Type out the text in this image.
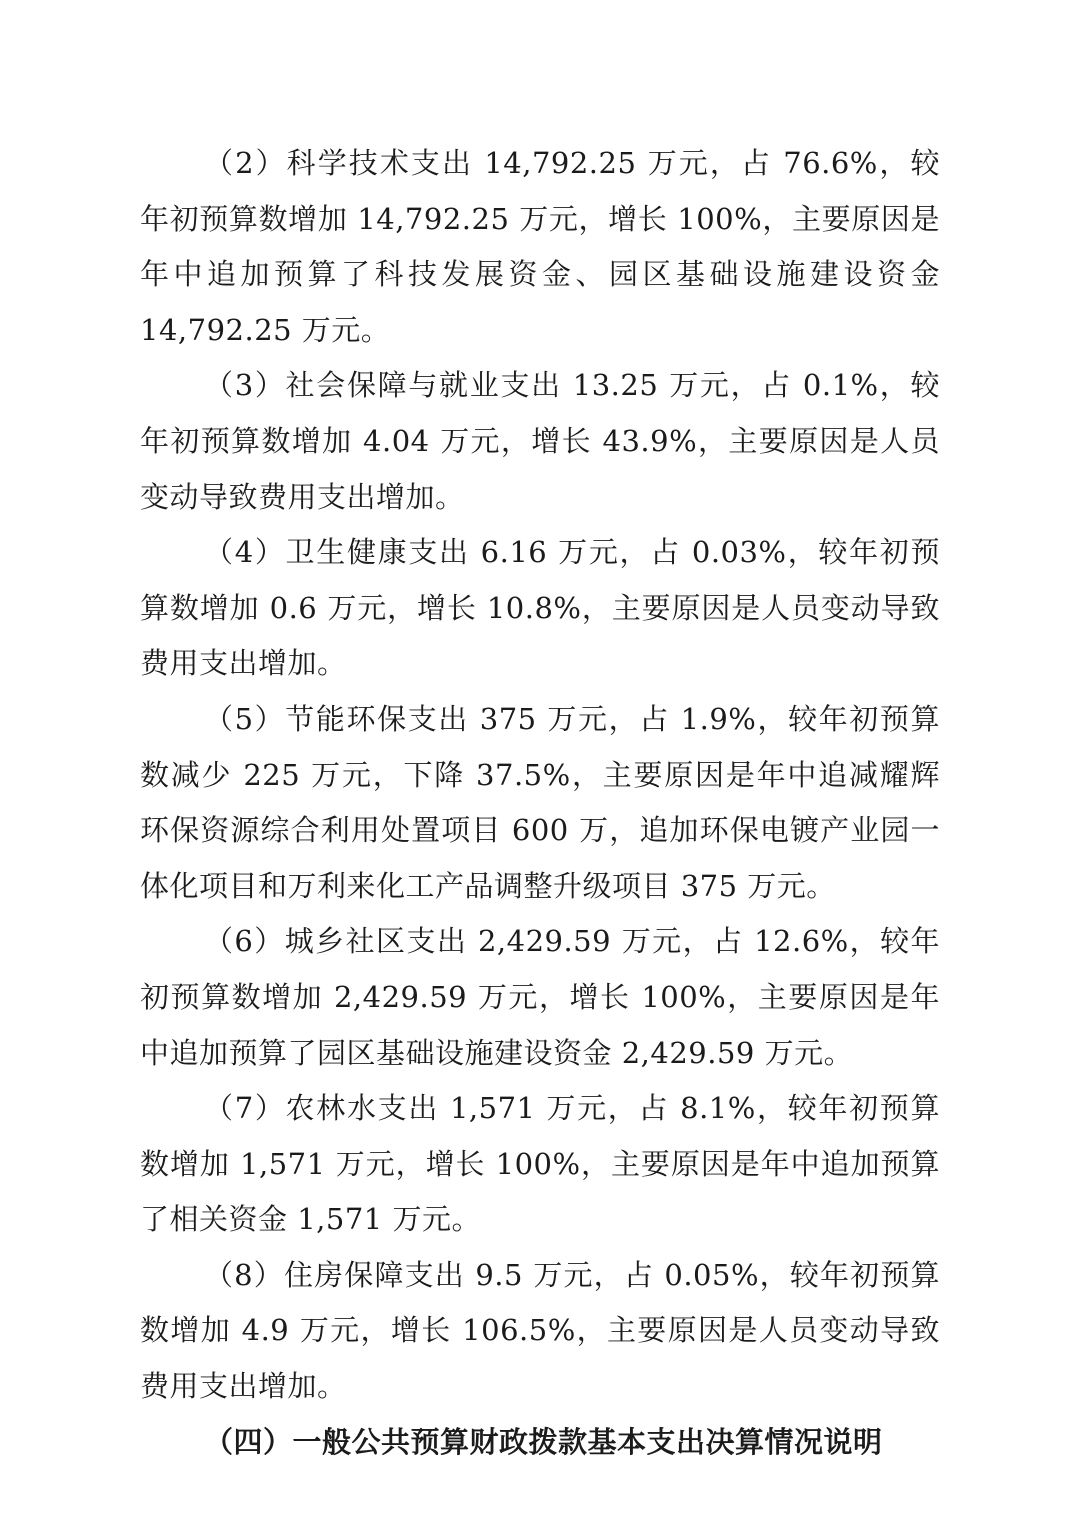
（2）科学技术支出 14,792.25 万元，占 76.6%，较年初预算数增加 14,792.25 万元，增长 100%，主要原因是年中追加预算了科技发展资金、园区基础设施建设资金 14,792.25 万元。

（3）社会保障与就业支出 13.25 万元，占 0.1%，较年初预算数增加 4.04 万元，增长 43.9%，主要原因是人员变动导致费用支出增加。

（4）卫生健康支出 6.16 万元，占 0.03%，较年初预算数增加 0.6 万元，增长 10.8%，主要原因是人员变动导致费用支出增加。

（5）节能环保支出 375 万元，占 1.9%，较年初预算数减少 225 万元，下降 37.5%，主要原因是年中追减耀辉环保资源综合利用处置项目 600 万，追加环保电镀产业园一体化项目和万利来化工产品调整升级项目 375 万元。

（6）城乡社区支出 2,429.59 万元，占 12.6%，较年初预算数增加 2,429.59 万元，增长 100%，主要原因是年中追加预算了园区基础设施建设资金 2,429.59 万元。

（7）农林水支出 1,571 万元，占 8.1%，较年初预算数增加 1,571 万元，增长 100%，主要原因是年中追加预算了相关资金 1,571 万元。

（8）住房保障支出 9.5 万元，占 0.05%，较年初预算数增加 4.9 万元，增长 106.5%，主要原因是人员变动导致费用支出增加。

（四）一般公共预算财政拨款基本支出决算情况说明
